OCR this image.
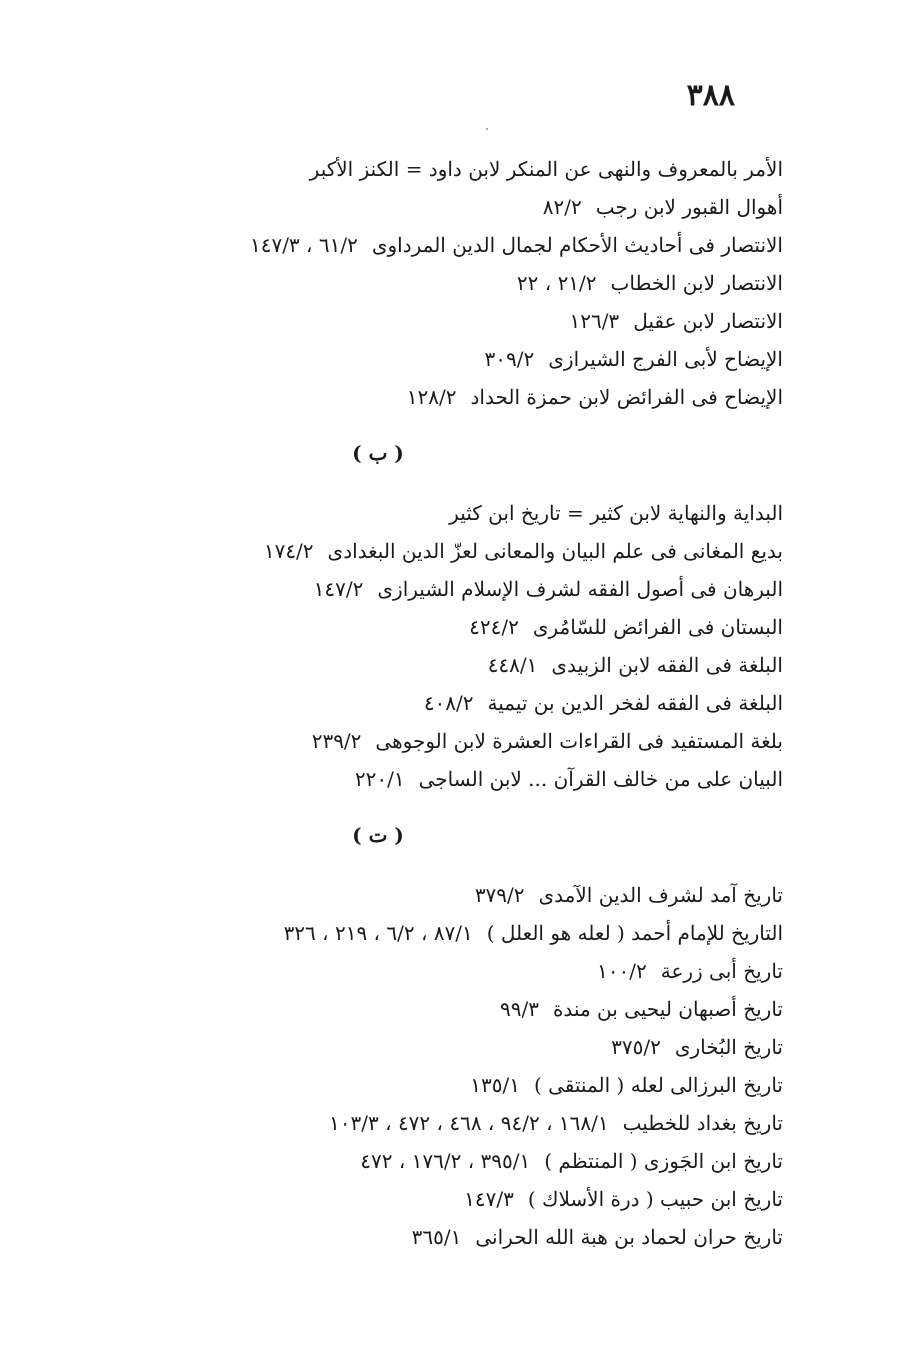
٣٨٨
الأمر بالمعروف والنهى عن المنكر لابن داود = الكنز الأكبر
أهوال القبور لابن رجب٨٢/٢
الانتصار فى أحاديث الأحكام لجمال الدين المرداوى٦١/٢ ، ١٤٧/٣
الانتصار لابن الخطاب٢١/٢ ، ٢٢
الانتصار لابن عقيل١٢٦/٣
الإيضاح لأبى الفرج الشيرازى٣٠٩/٢
الإيضاح فى الفرائض لابن حمزة الحداد١٢٨/٢
( ب )
البداية والنهاية لابن كثير = تاريخ ابن كثير
بديع المغانى فى علم البيان والمعانى لعزّ الدين البغدادى١٧٤/٢
البرهان فى أصول الفقه لشرف الإسلام الشيرازى١٤٧/٢
البستان فى الفرائض للسّامُرى٤٢٤/٢
البلغة فى الفقه لابن الزبيدى٤٤٨/١
البلغة فى الفقه لفخر الدين بن تيمية٤٠٨/٢
بلغة المستفيد فى القراءات العشرة لابن الوجوهى٢٣٩/٢
البيان على من خالف القرآن ... لابن الساجى٢٢٠/١
( ت )
تاريخ آمد لشرف الدين الآمدى٣٧٩/٢
التاريخ للإمام أحمد ( لعله هو العلل )٨٧/١ ، ٦/٢ ، ٢١٩ ، ٣٢٦
تاريخ أبى زرعة١٠٠/٢
تاريخ أصبهان ليحيى بن مندة٩٩/٣
تاريخ البُخارى٣٧٥/٢
تاريخ البرزالى لعله ( المنتقى )١٣٥/١
تاريخ بغداد للخطيب١٦٨/١ ، ٩٤/٢ ، ٤٦٨ ، ٤٧٢ ، ١٠٣/٣
تاريخ ابن الجَوزى ( المنتظم )٣٩٥/١ ، ١٧٦/٢ ، ٤٧٢
تاريخ ابن حبيب ( درة الأسلاك )١٤٧/٣
تاريخ حران لحماد بن هبة الله الحرانى٣٦٥/١
